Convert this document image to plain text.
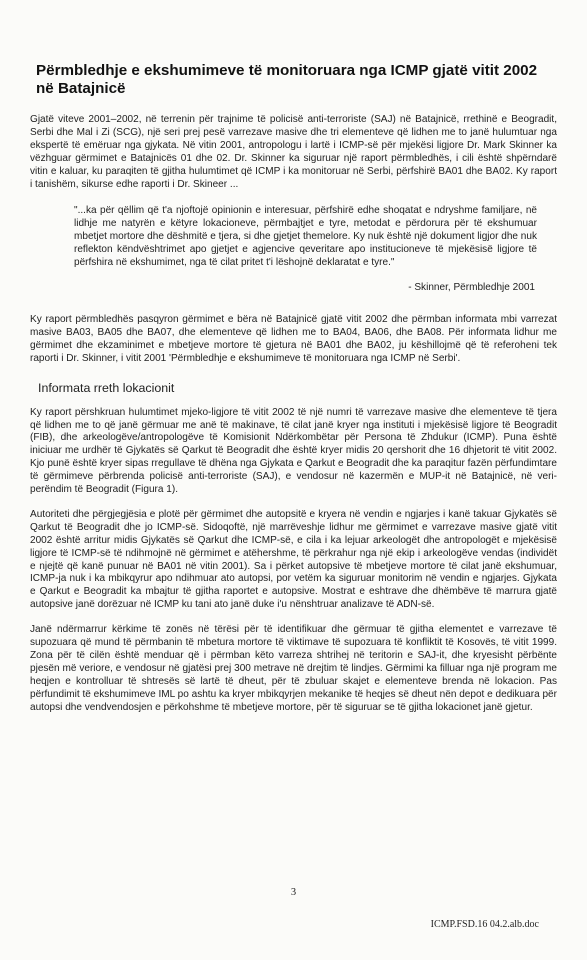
Përmbledhje e ekshumimeve të monitoruara nga ICMP gjatë vitit 2002 në Batajnicë

Gjatë viteve 2001–2002, në terrenin për trajnime të policisë anti-terroriste (SAJ) në Batajnicë, rrethinë e Beogradit, Serbi dhe Mal i Zi (SCG), një seri prej pesë varrezave masive dhe tri elementeve që lidhen me to janë hulumtuar nga ekspertë të emëruar nga gjykata. Në vitin 2001, antropologu i lartë i ICMP-së për mjekësi ligjore Dr. Mark Skinner ka vëzhguar gërmimet e Batajnicës 01 dhe 02. Dr. Skinner ka siguruar një raport përmbledhës, i cili është shpërndarë vitin e kaluar, ku paraqiten të gjitha hulumtimet që ICMP i ka monitoruar në Serbi, përfshirë BA01 dhe BA02. Ky raport i tanishëm, sikurse edhe raporti i Dr. Skineer ...

"...ka për qëllim që t'a njoftojë opinionin e interesuar, përfshirë edhe shoqatat e ndryshme familjare, në lidhje me natyrën e këtyre lokacioneve, përmbajtjet e tyre, metodat e përdorura për të ekshumuar mbetjet mortore dhe dëshmitë e tjera, si dhe gjetjet themelore. Ky nuk është një dokument ligjor dhe nuk reflekton këndvështrimet apo gjetjet e agjencive qeveritare apo institucioneve të mjekësisë ligjore të përfshira në ekshumimet, nga të cilat pritet t'i lëshojnë deklaratat e tyre."

- Skinner, Përmbledhje 2001

Ky raport përmbledhës pasqyron gërmimet e bëra në Batajnicë gjatë vitit 2002 dhe përmban informata mbi varrezat masive BA03, BA05 dhe BA07, dhe elementeve që lidhen me to BA04, BA06, dhe BA08. Për informata lidhur me gërmimet dhe ekzaminimet e mbetjeve mortore të gjetura në BA01 dhe BA02, ju këshillojmë që të referoheni tek raporti i Dr. Skinner, i vitit 2001 'Përmbledhje e ekshumimeve të monitoruara nga ICMP në Serbi'.

Informata rreth lokacionit

Ky raport përshkruan hulumtimet mjeko-ligjore të vitit 2002 të një numri të varrezave masive dhe elementeve të tjera që lidhen me to që janë gërmuar me anë të makinave, të cilat janë kryer nga instituti i mjekësisë ligjore të Beogradit (FIB), dhe arkeologëve/antropologëve të Komisionit Ndërkombëtar për Persona të Zhdukur (ICMP). Puna është iniciuar me urdhër të Gjykatës së Qarkut të Beogradit dhe është kryer midis 20 qershorit dhe 16 dhjetorit të vitit 2002. Kjo punë është kryer sipas rregullave të dhëna nga Gjykata e Qarkut e Beogradit dhe ka paraqitur fazën përfundimtare të gërmimeve përbrenda policisë anti-terroriste (SAJ), e vendosur në kazermën e MUP-it në Batajnicë, në veri-perëndim të Beogradit (Figura 1).

Autoriteti dhe përgjegjësia e plotë për gërmimet dhe autopsitë e kryera në vendin e ngjarjes i kanë takuar Gjykatës së Qarkut të Beogradit dhe jo ICMP-së. Sidoqoftë, një marrëveshje lidhur me gërmimet e varrezave masive gjatë vitit 2002 është arritur midis Gjykatës së Qarkut dhe ICMP-së, e cila i ka lejuar arkeologët dhe antropologët e mjekësisë ligjore të ICMP-së të ndihmojnë në gërmimet e atëhershme, të përkrahur nga një ekip i arkeologëve vendas (individët e njejtë që kanë punuar në BA01 në vitin 2001). Sa i përket autopsive të mbetjeve mortore të cilat janë ekshumuar, ICMP-ja nuk i ka mbikqyrur apo ndihmuar ato autopsi, por vetëm ka siguruar monitorim në vendin e ngjarjes. Gjykata e Qarkut e Beogradit ka mbajtur të gjitha raportet e autopsive. Mostrat e eshtrave dhe dhëmbëve të marrura gjatë autopsive janë dorëzuar në ICMP ku tani ato janë duke i'u nënshtruar analizave të ADN-së.

Janë ndërmarrur kërkime të zonës në tërësi për të identifikuar dhe gërmuar të gjitha elementet e varrezave të supozuara që mund të përmbanin të mbetura mortore të viktimave të supozuara të konfliktit të Kosovës, të vitit 1999. Zona për të cilën është menduar që i përmban këto varreza shtrihej në teritorin e SAJ-it, dhe kryesisht përbënte pjesën më veriore, e vendosur në gjatësi prej 300 metrave në drejtim të lindjes. Gërmimi ka filluar nga një program me heqjen e kontrolluar të shtresës së lartë të dheut, për të zbuluar skajet e elementeve brenda në lokacion. Pas përfundimit të ekshumimeve IML po ashtu ka kryer mbikqyrjen mekanike të heqjes së dheut nën depot e dedikuara për autopsi dhe vendvendosjen e përkohshme të mbetjeve mortore, për të siguruar se të gjitha lokacionet janë gjetur.

3
ICMP.FSD.16 04.2.alb.doc
